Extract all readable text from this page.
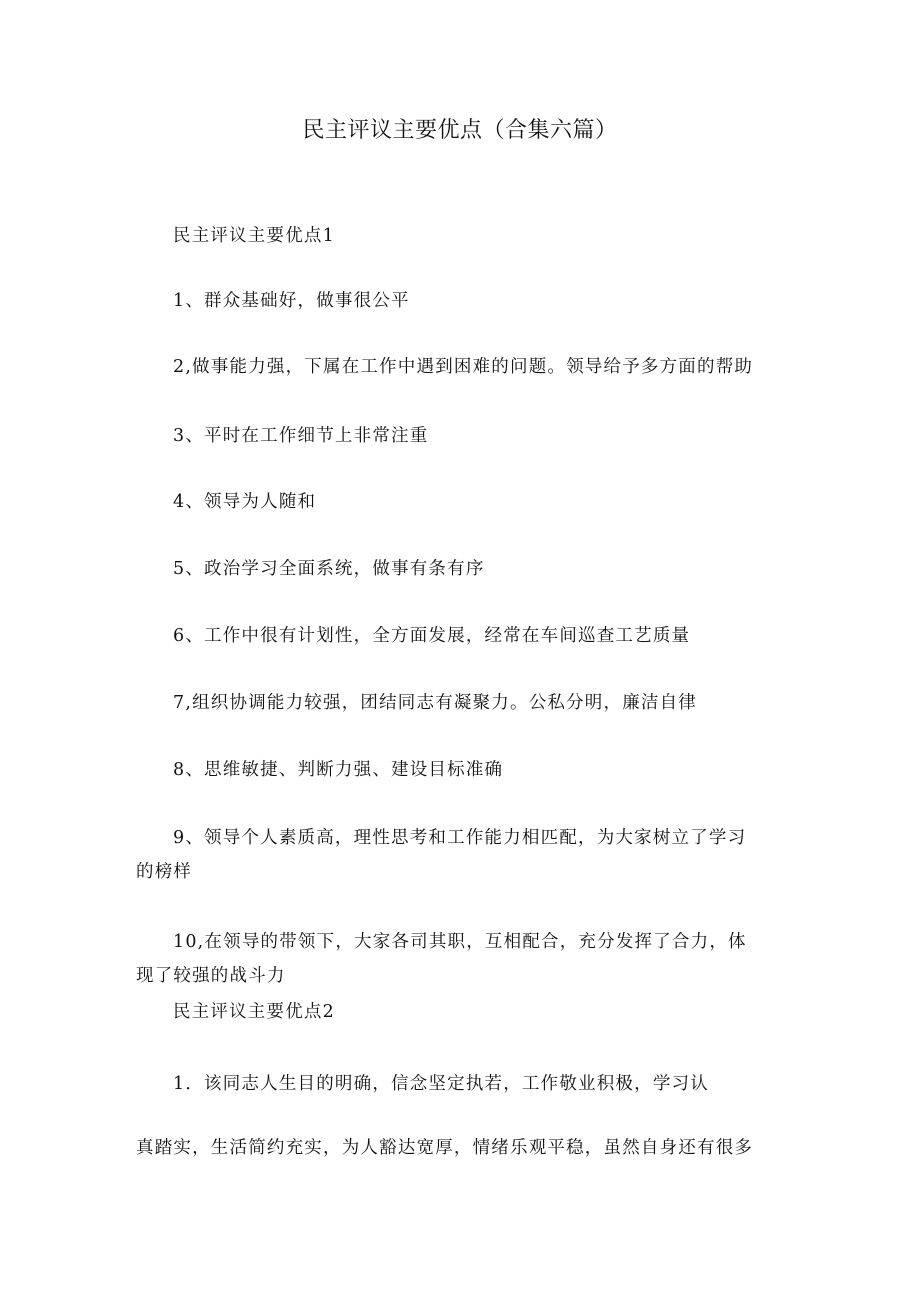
民主评议主要优点（合集六篇）

民主评议主要优点1

1、群众基础好，做事很公平

2,做事能力强，下属在工作中遇到困难的问题。领导给予多方面的帮助

3、平时在工作细节上非常注重

4、领导为人随和

5、政治学习全面系统，做事有条有序

6、工作中很有计划性，全方面发展，经常在车间巡查工艺质量

7,组织协调能力较强，团结同志有凝聚力。公私分明，廉洁自律

8、思维敏捷、判断力强、建设目标准确

9、领导个人素质高，理性思考和工作能力相匹配，为大家树立了学习

的榜样

10,在领导的带领下，大家各司其职，互相配合，充分发挥了合力，体

现了较强的战斗力

民主评议主要优点2

1．该同志人生目的明确，信念坚定执若，工作敬业积极，学习认

真踏实，生活简约充实，为人豁达宽厚，情绪乐观平稳，虽然自身还有很多
